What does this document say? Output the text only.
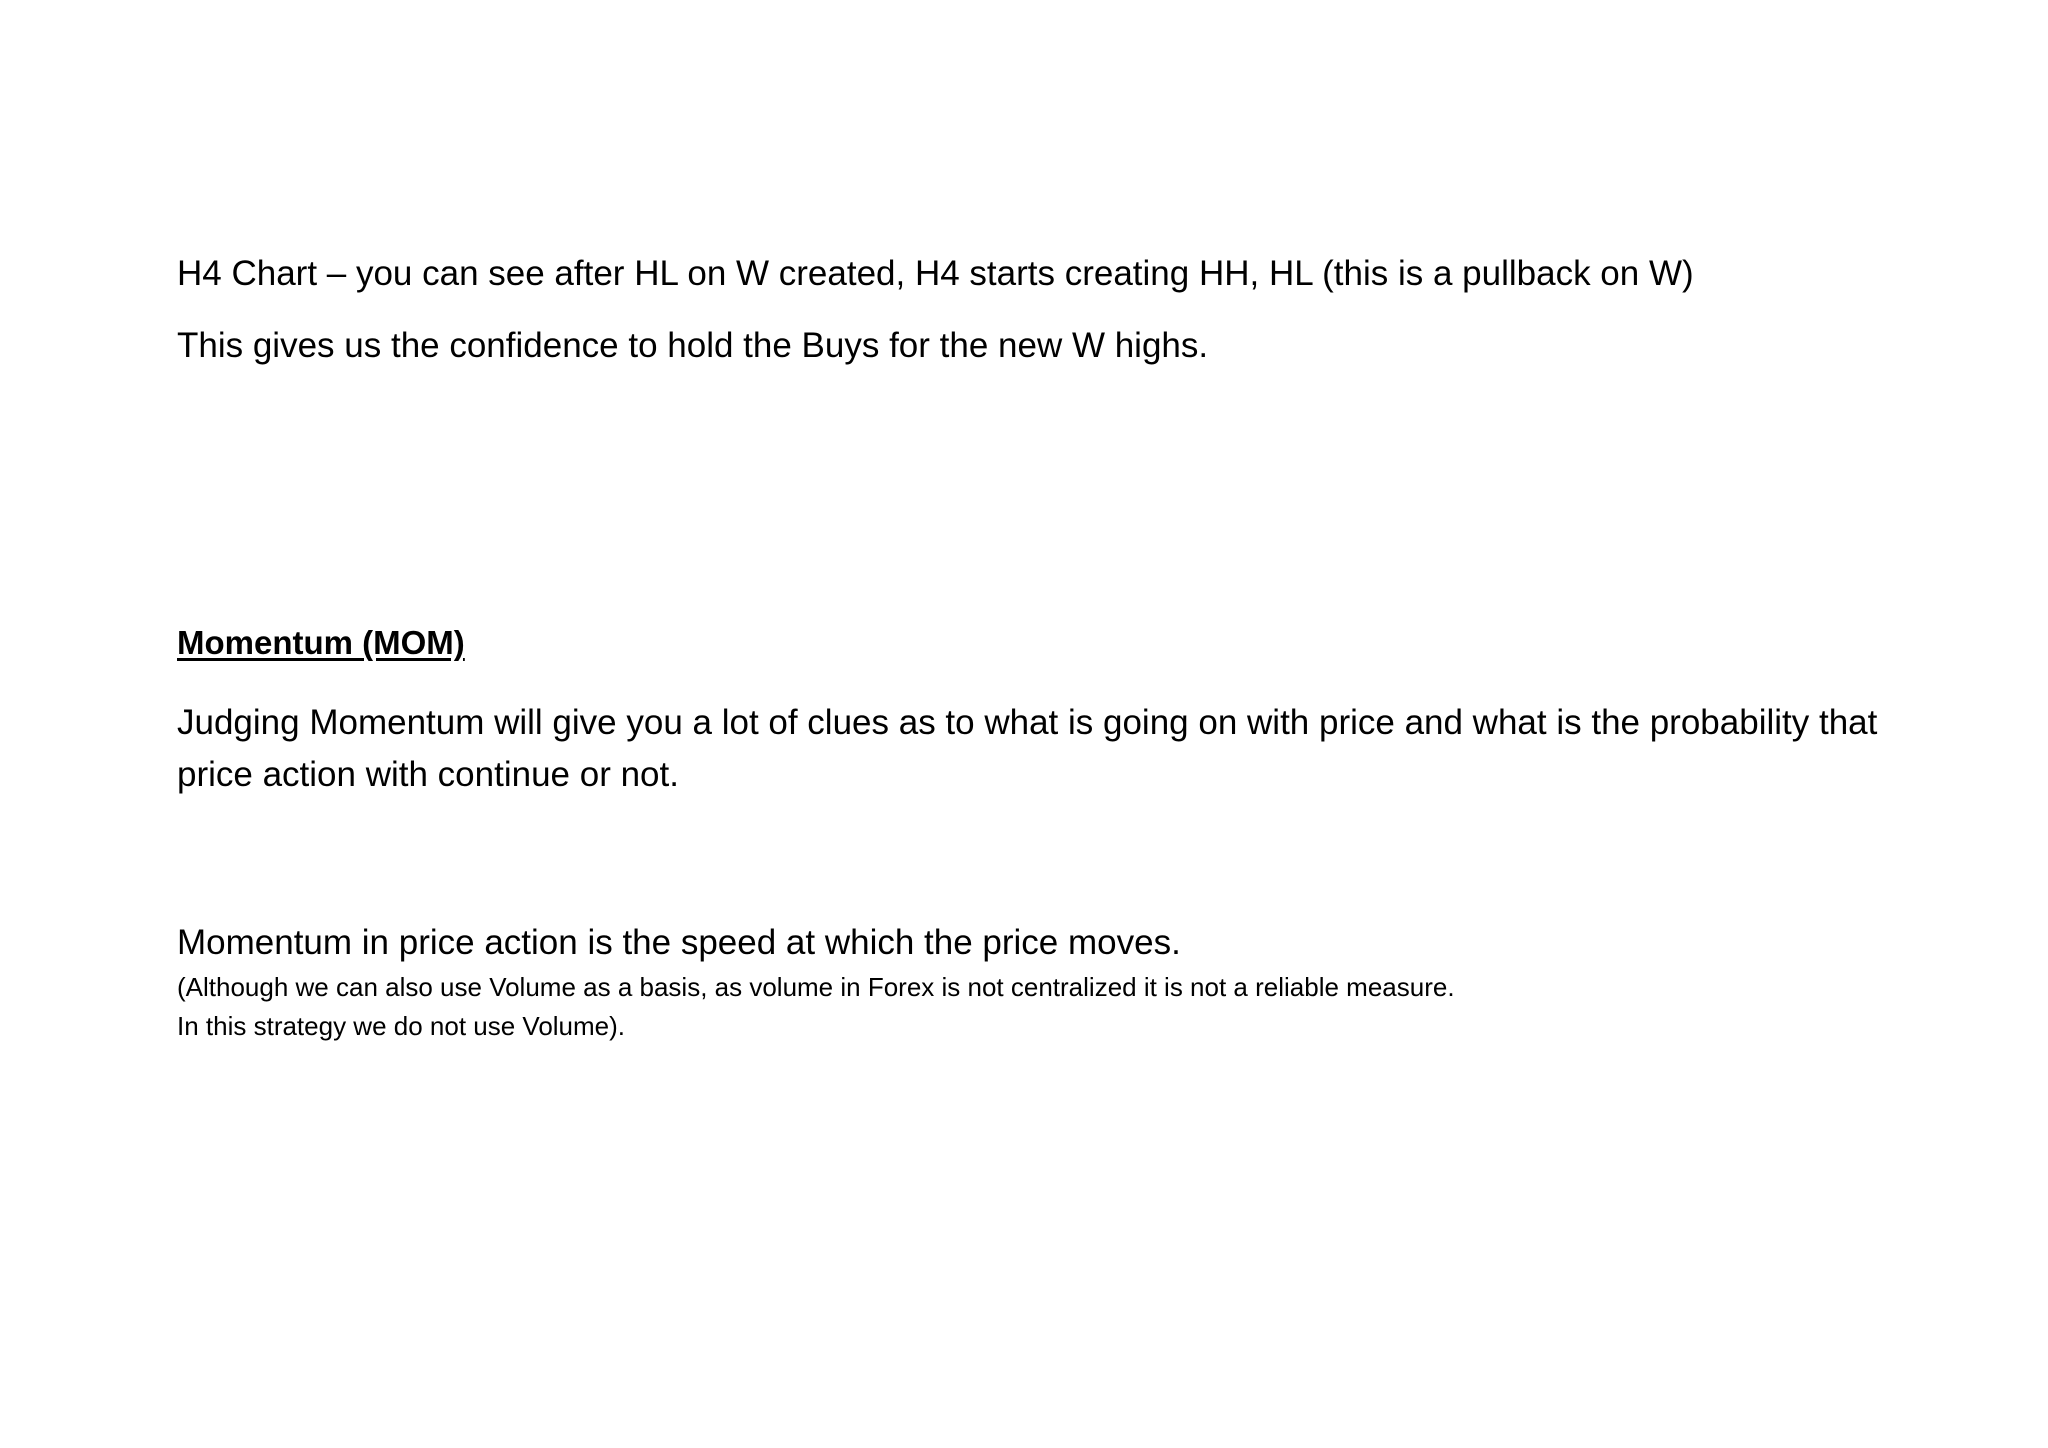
H4 Chart – you can see after HL on W created, H4 starts creating HH, HL (this is a pullback on W)

This gives us the confidence to hold the Buys for the new W highs.

Momentum (MOM)

Judging Momentum will give you a lot of clues as to what is going on with price and what is the probability that price action with continue or not.

Momentum in price action is the speed at which the price moves.

(Although we can also use Volume as a basis, as volume in Forex is not centralized it is not a reliable measure.

In this strategy we do not use Volume).
